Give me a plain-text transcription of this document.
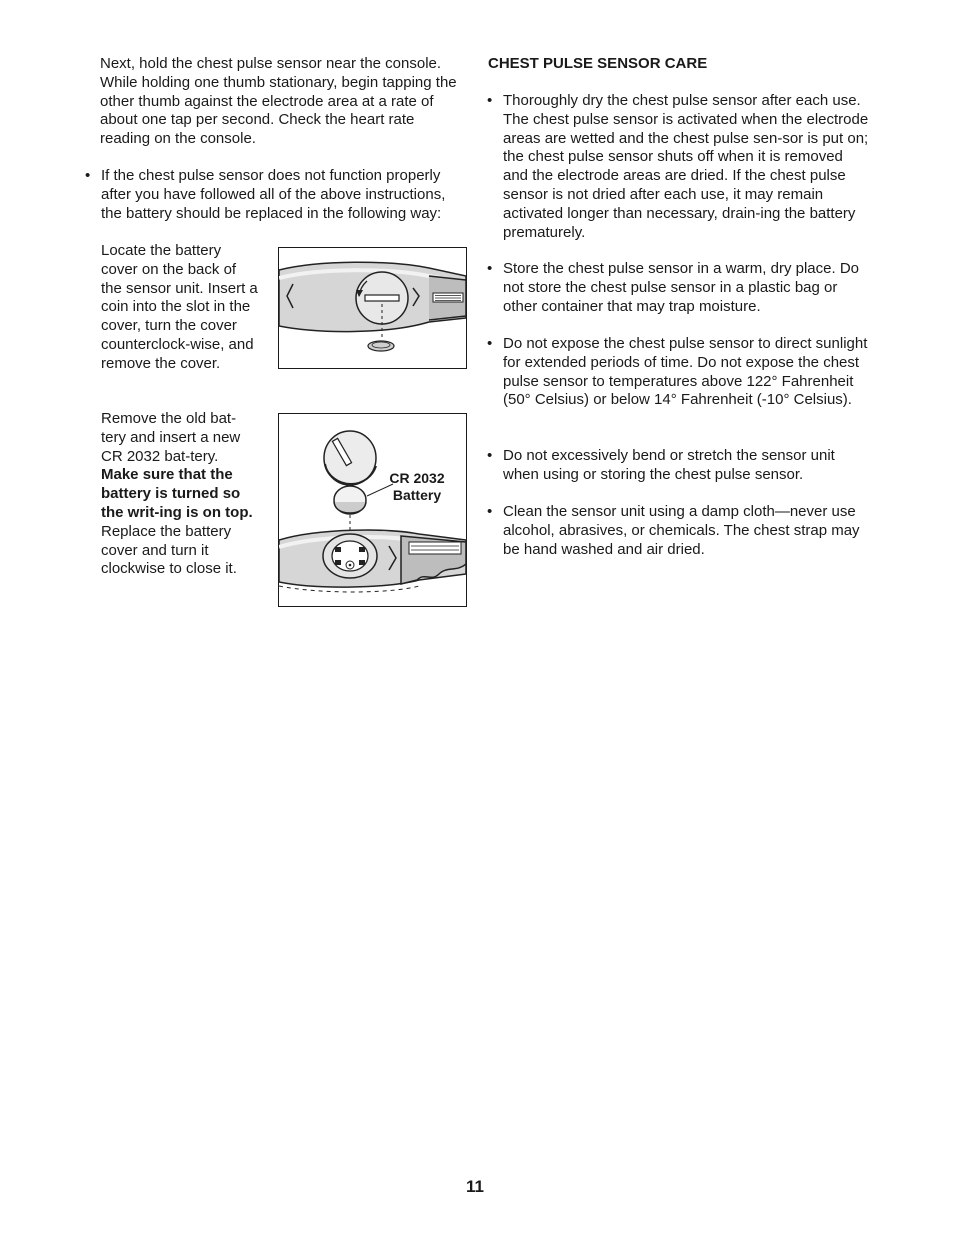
Next, hold the chest pulse sensor near the console. While holding one thumb stationary, begin tapping the other thumb against the electrode area at a rate of about one tap per second. Check the heart rate reading on the console.

• If the chest pulse sensor does not function properly after you have followed all of the above instructions, the battery should be replaced in the following way:

Locate the battery cover on the back of the sensor unit. Insert a coin into the slot in the cover, turn the cover counterclock-wise, and remove the cover.

Remove the old bat-tery and insert a new CR 2032 bat-tery. Make sure that the battery is turned so the writ-ing is on top. Replace the battery cover and turn it clockwise to close it.

CR 2032
Battery
CHEST PULSE SENSOR CARE
• Thoroughly dry the chest pulse sensor after each use. The chest pulse sensor is activated when the electrode areas are wetted and the chest pulse sen-sor is put on; the chest pulse sensor shuts off when it is removed and the electrode areas are dried. If the chest pulse sensor is not dried after each use, it may remain activated longer than necessary, drain-ing the battery prematurely.
• Store the chest pulse sensor in a warm, dry place. Do not store the chest pulse sensor in a plastic bag or other container that may trap moisture.
• Do not expose the chest pulse sensor to direct sunlight for extended periods of time. Do not expose the chest pulse sensor to temperatures above 122° Fahrenheit (50° Celsius) or below 14° Fahrenheit (-10° Celsius).
• Do not excessively bend or stretch the sensor unit when using or storing the chest pulse sensor.
• Clean the sensor unit using a damp cloth—never use alcohol, abrasives, or chemicals. The chest strap may be hand washed and air dried.
11
